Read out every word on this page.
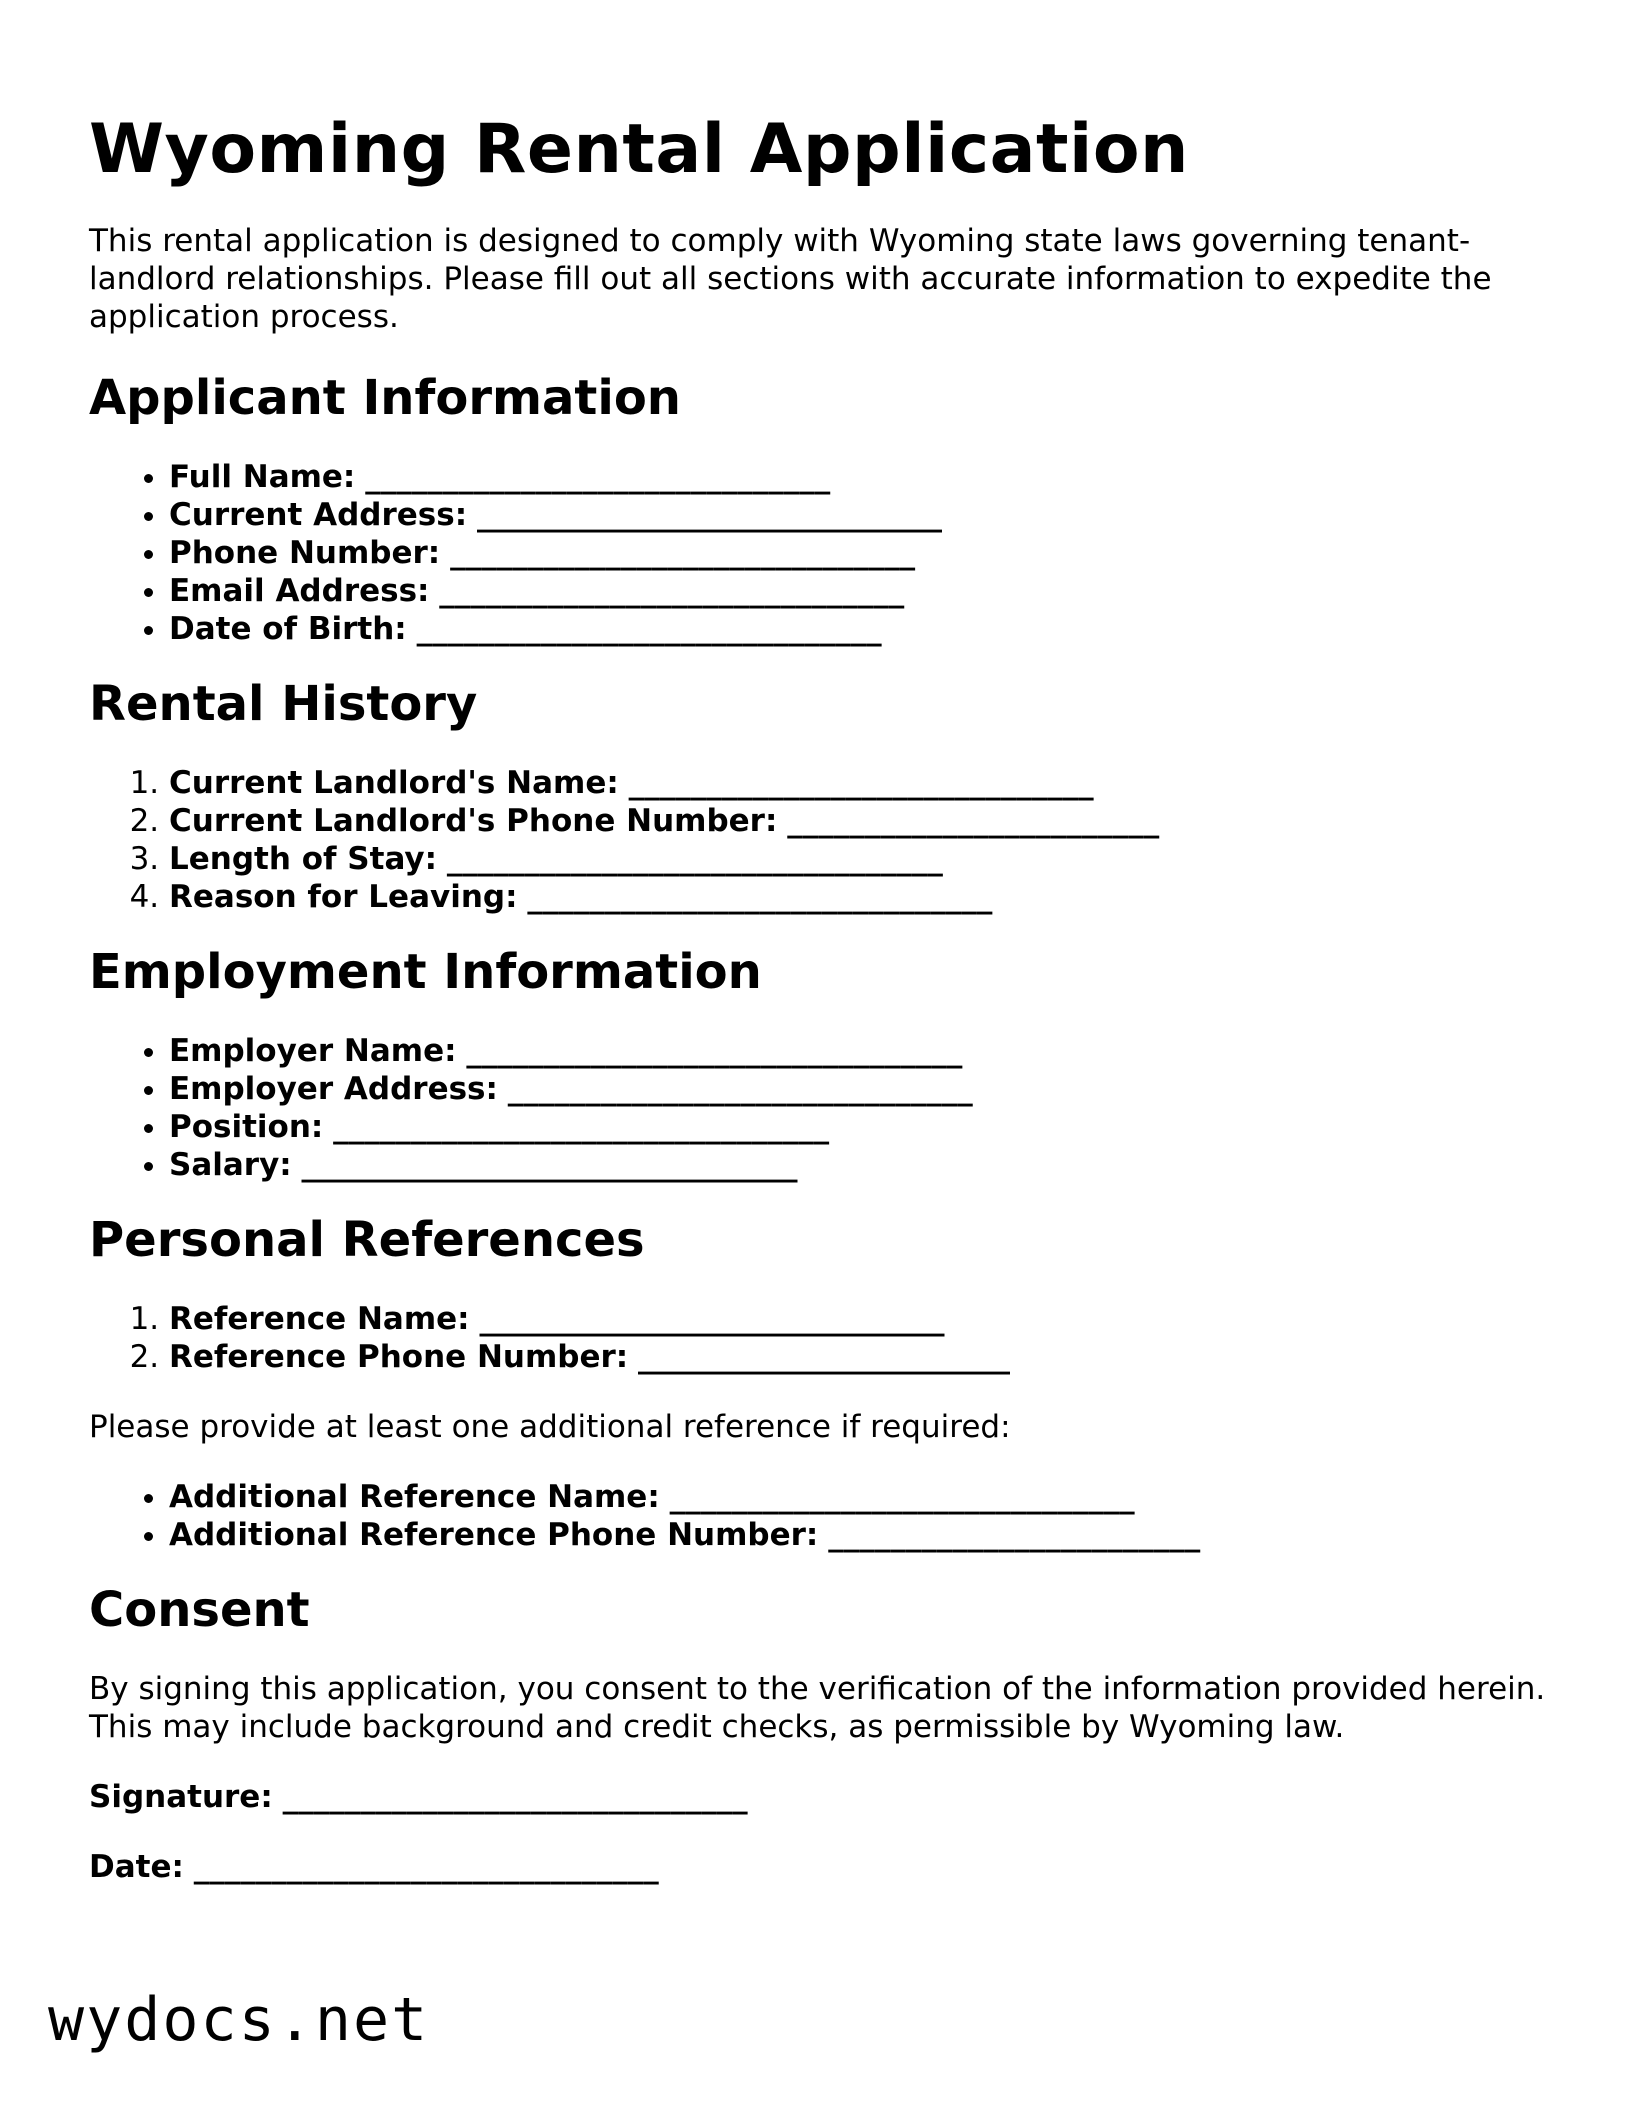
Wyoming Rental Application

This rental application is designed to comply with Wyoming state laws governing tenant-landlord relationships. Please fill out all sections with accurate information to expedite the application process.

Applicant Information
• Full Name: ______________________________
• Current Address: ______________________________
• Phone Number: ______________________________
• Email Address: ______________________________
• Date of Birth: ______________________________
Rental History
1. Current Landlord's Name: ______________________________
2. Current Landlord's Phone Number: ________________________
3. Length of Stay: ________________________________
4. Reason for Leaving: ______________________________
Employment Information
• Employer Name: ________________________________
• Employer Address: ______________________________
• Position: ________________________________
• Salary: ________________________________
Personal References
1. Reference Name: ______________________________
2. Reference Phone Number: ________________________

Please provide at least one additional reference if required:

• Additional Reference Name: ______________________________
• Additional Reference Phone Number: ________________________
Consent

By signing this application, you consent to the verification of the information provided herein. This may include background and credit checks, as permissible by Wyoming law.

Signature: ______________________________

Date: ______________________________

wydocs.net
